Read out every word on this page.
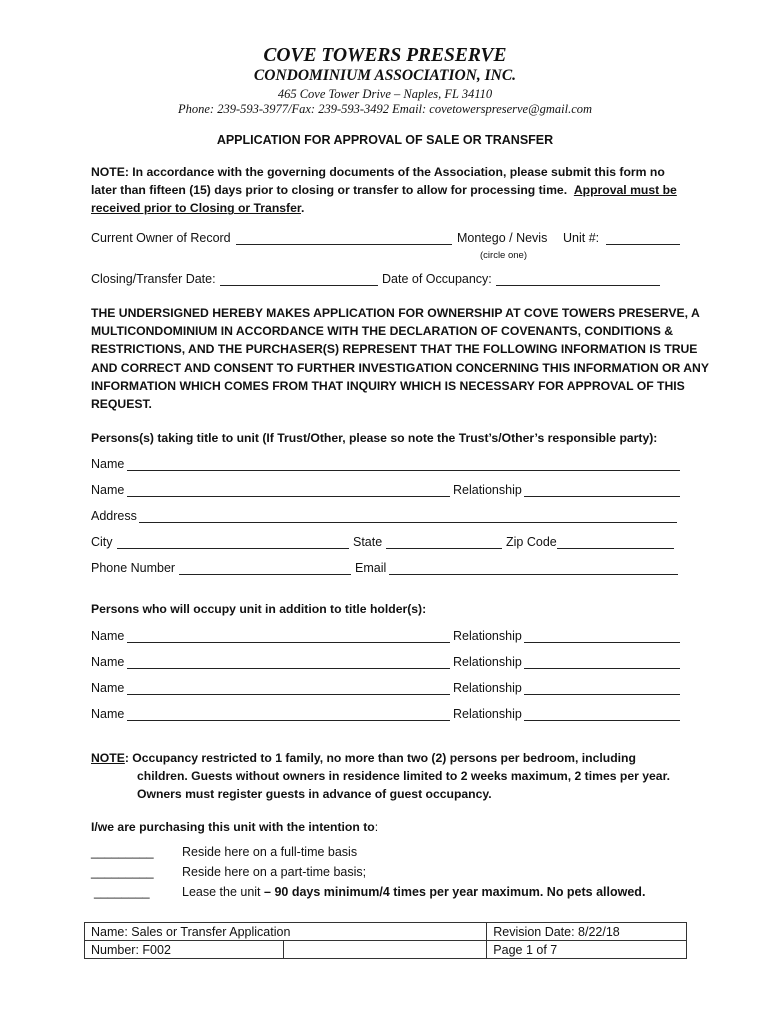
COVE TOWERS PRESERVE
CONDOMINIUM ASSOCIATION, INC.
465 Cove Tower Drive – Naples, FL 34110
Phone: 239-593-3977/Fax: 239-593-3492 Email: covetowerspreserve@gmail.com
APPLICATION FOR APPROVAL OF SALE OR TRANSFER
NOTE: In accordance with the governing documents of the Association, please submit this form no
later than fifteen (15) days prior to closing or transfer to allow for processing time. Approval must be
received prior to Closing or Transfer.
Current Owner of Record	Montego / Nevis Unit #:
(circle one)
Closing/Transfer Date:	Date of Occupancy:
THE UNDERSIGNED HEREBY MAKES APPLICATION FOR OWNERSHIP AT COVE TOWERS PRESERVE, A
MULTICONDOMINIUM IN ACCORDANCE WITH THE DECLARATION OF COVENANTS, CONDITIONS &
RESTRICTIONS, AND THE PURCHASER(S) REPRESENT THAT THE FOLLOWING INFORMATION IS TRUE
AND CORRECT AND CONSENT TO FURTHER INVESTIGATION CONCERNING THIS INFORMATION OR ANY
INFORMATION WHICH COMES FROM THAT INQUIRY WHICH IS NECESSARY FOR APPROVAL OF THIS
REQUEST.
Persons(s) taking title to unit (If Trust/Other, please so note the Trust’s/Other’s responsible party):
Name
Name	Relationship
Address
City	State	Zip Code
Phone Number	Email
Persons who will occupy unit in addition to title holder(s):
Name	Relationship
Name	Relationship
Name	Relationship
Name	Relationship
NOTE: Occupancy restricted to 1 family, no more than two (2) persons per bedroom, including
children. Guests without owners in residence limited to 2 weeks maximum, 2 times per year.
Owners must register guests in advance of guest occupancy.
I/we are purchasing this unit with the intention to:
_________ Reside here on a full-time basis
_________ Reside here on a part-time basis;
________	Lease the unit – 90 days minimum/4 times per year maximum. No pets allowed.
Name: Sales or Transfer Application		Revision Date: 8/22/18
Number: F002		Page 1 of 7
